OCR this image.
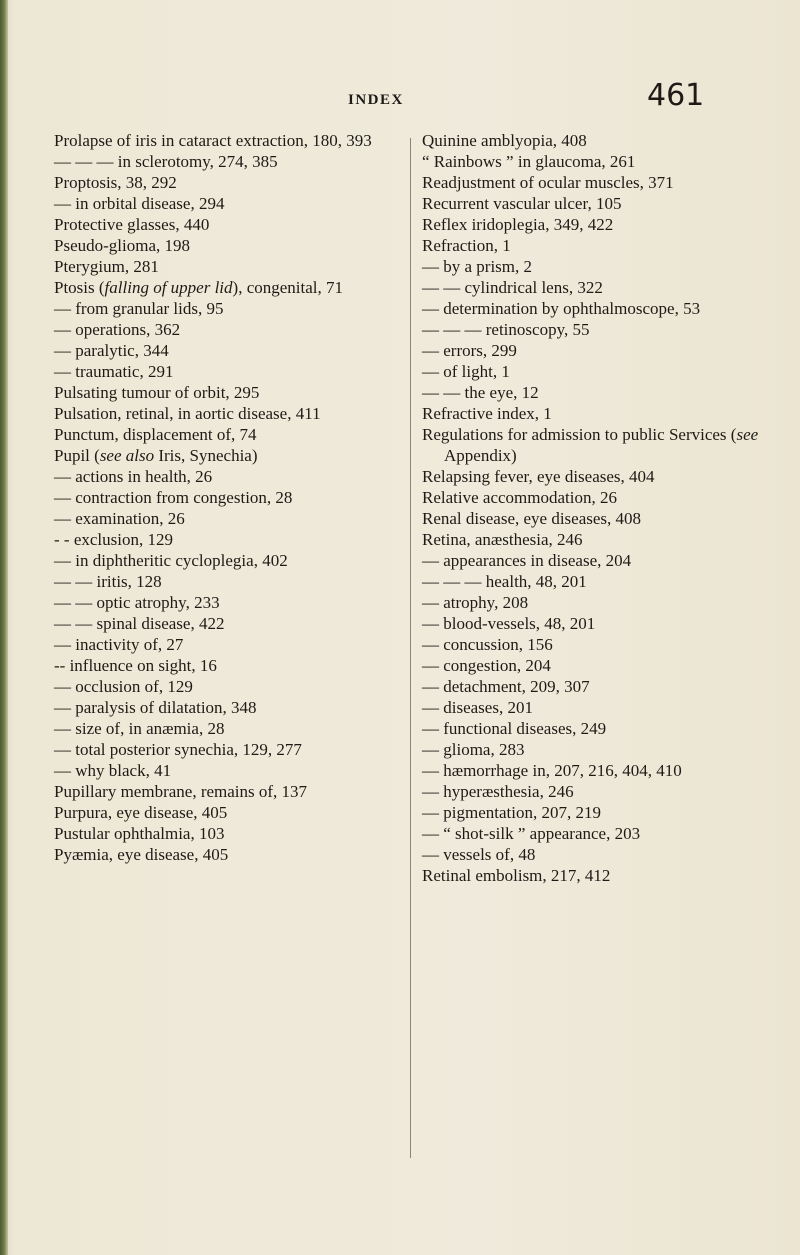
INDEX	461

Prolapse of iris in cataract extraction, 180, 393

— — — in sclerotomy, 274, 385

Proptosis, 38, 292

— in orbital disease, 294

Protective glasses, 440

Pseudo-glioma, 198

Pterygium, 281

Ptosis (falling of upper lid), congenital, 71

— from granular lids, 95

— operations, 362

— paralytic, 344

— traumatic, 291

Pulsating tumour of orbit, 295

Pulsation, retinal, in aortic disease, 411

Punctum, displacement of, 74

Pupil (see also Iris, Synechia)

— actions in health, 26

— contraction from congestion, 28

— examination, 26

- - exclusion, 129

— in diphtheritic cycloplegia, 402

— — iritis, 128

— — optic atrophy, 233

— — spinal disease, 422

— inactivity of, 27

-- influence on sight, 16

— occlusion of, 129

— paralysis of dilatation, 348

— size of, in anæmia, 28

— total posterior synechia, 129, 277

— why black, 41

Pupillary membrane, remains of, 137

Purpura, eye disease, 405

Pustular ophthalmia, 103

Pyæmia, eye disease, 405

Quinine amblyopia, 408

“ Rainbows ” in glaucoma, 261

Readjustment of ocular muscles, 371

Recurrent vascular ulcer, 105

Reflex iridoplegia, 349, 422

Refraction, 1

— by a prism, 2

— — cylindrical lens, 322

— determination by ophthalmoscope, 53

— — — retinoscopy, 55

— errors, 299

— of light, 1

— — the eye, 12

Refractive index, 1

Regulations for admission to public Services (see Appendix)

Relapsing fever, eye diseases, 404

Relative accommodation, 26

Renal disease, eye diseases, 408

Retina, anæsthesia, 246

— appearances in disease, 204

— — — health, 48, 201

— atrophy, 208

— blood-vessels, 48, 201

— concussion, 156

— congestion, 204

— detachment, 209, 307

— diseases, 201

— functional diseases, 249

— glioma, 283

— hæmorrhage in, 207, 216, 404, 410

— hyperæsthesia, 246

— pigmentation, 207, 219

— “ shot-silk ” appearance, 203

— vessels of, 48

Retinal embolism, 217, 412
